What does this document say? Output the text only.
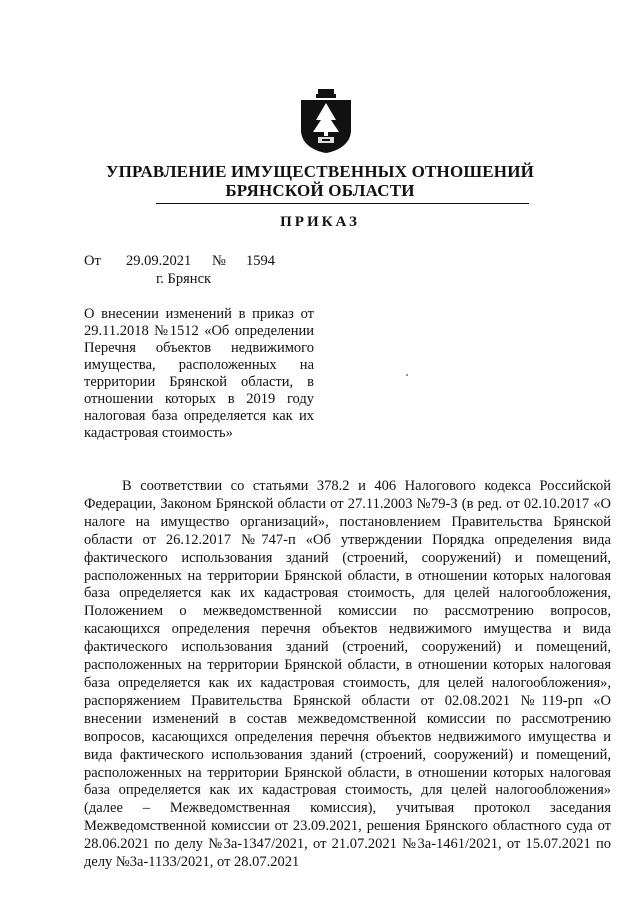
УПРАВЛЕНИЕ ИМУЩЕСТВЕННЫХ ОТНОШЕНИЙ
БРЯНСКОЙ ОБЛАСТИ
ПРИКАЗ
От 29.09.2021 № 1594
г. Брянск

О внесении изменений в приказ от 29.11.2018 №1512 «Об определении Перечня объектов недвижимого имущества, расположенных на территории Брянской области, в отношении которых в 2019 году налоговая база определяется как их кадастровая стоимость»

В соответствии со статьями 378.2 и 406 Налогового кодекса Российской Федерации, Законом Брянской области от 27.11.2003 №79-З (в ред. от 02.10.2017 «О налоге на имущество организаций», постановлением Правительства Брянской области от 26.12.2017 №747-п «Об утверждении Порядка определения вида фактического использования зданий (строений, сооружений) и помещений, расположенных на территории Брянской области, в отношении которых налоговая база определяется как их кадастровая стоимость, для целей налогообложения, Положением о межведомственной комиссии по рассмотрению вопросов, касающихся определения перечня объектов недвижимого имущества и вида фактического использования зданий (строений, сооружений) и помещений, расположенных на территории Брянской области, в отношении которых налоговая база определяется как их кадастровая стоимость, для целей налогообложения», распоряжением Правительства Брянской области от 02.08.2021 №119-рп «О внесении изменений в состав межведомственной комиссии по рассмотрению вопросов, касающихся определения перечня объектов недвижимого имущества и вида фактического использования зданий (строений, сооружений) и помещений, расположенных на территории Брянской области, в отношении которых налоговая база определяется как их кадастровая стоимость, для целей налогообложения» (далее – Межведомственная комиссия), учитывая протокол заседания Межведомственной комиссии от 23.09.2021, решения Брянского областного суда от 28.06.2021 по делу №3а-1347/2021, от 21.07.2021 №3а-1461/2021, от 15.07.2021 по делу №3а-1133/2021, от 28.07.2021
